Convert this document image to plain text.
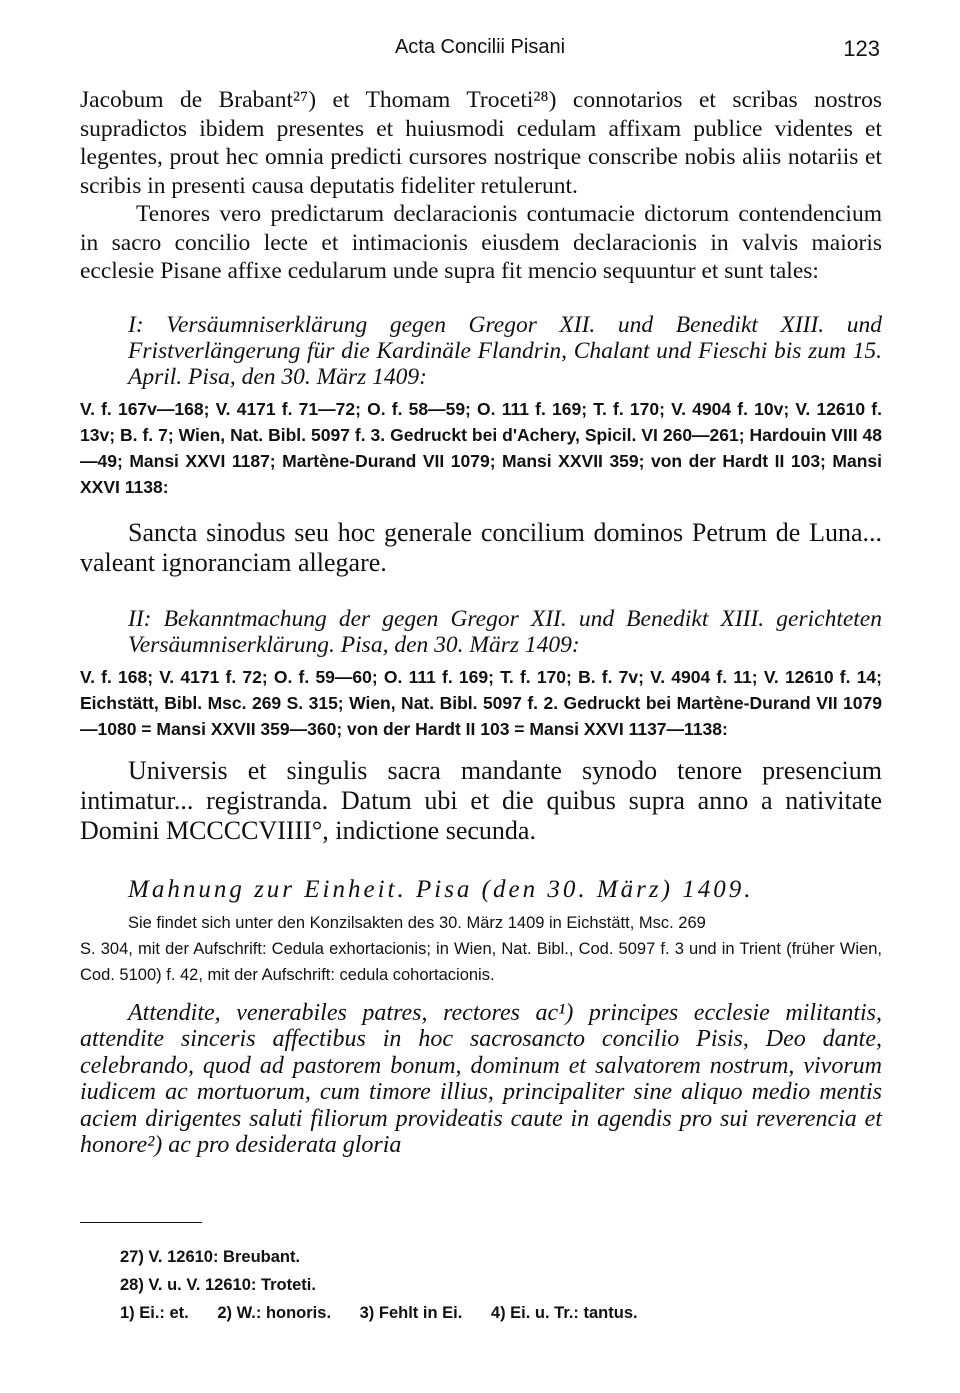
Acta Concilii Pisani	123

Jacobum de Brabant²⁷) et Thomam Troceti²⁸) connotarios et scribas nostros supradictos ibidem presentes et huiusmodi cedulam affixam publice videntes et legentes, prout hec omnia predicti cursores nostrique conscribe nobis aliis notariis et scribis in presenti causa deputatis fideliter retulerunt.

Tenores vero predictarum declaracionis contumacie dictorum contendencium in sacro concilio lecte et intimacionis eiusdem declaracionis in valvis maioris ecclesie Pisane affixe cedularum unde supra fit mencio sequuntur et sunt tales:

I: Versäumniserklärung gegen Gregor XII. und Benedikt XIII. und Fristverlängerung für die Kardinäle Flandrin, Chalant und Fieschi bis zum 15. April. Pisa, den 30. März 1409:

V. f. 167v—168; V. 4171 f. 71—72; O. f. 58—59; O. 111 f. 169; T. f. 170; V. 4904 f. 10v; V. 12610 f. 13v; B. f. 7; Wien, Nat. Bibl. 5097 f. 3. Gedruckt bei d'Achery, Spicil. VI 260—261; Hardouin VIII 48—49; Mansi XXVI 1187; Martène-Durand VII 1079; Mansi XXVII 359; von der Hardt II 103; Mansi XXVI 1138:

Sancta sinodus seu hoc generale concilium dominos Petrum de Luna... valeant ignoranciam allegare.

II: Bekanntmachung der gegen Gregor XII. und Benedikt XIII. gerichteten Versäumniserklärung. Pisa, den 30. März 1409:

V. f. 168; V. 4171 f. 72; O. f. 59—60; O. 111 f. 169; T. f. 170; B. f. 7v; V. 4904 f. 11; V. 12610 f. 14; Eichstätt, Bibl. Msc. 269 S. 315; Wien, Nat. Bibl. 5097 f. 2. Gedruckt bei Martène-Durand VII 1079—1080 = Mansi XXVII 359—360; von der Hardt II 103 = Mansi XXVI 1137—1138:

Universis et singulis sacra mandante synodo tenore presencium intimatur... registranda. Datum ubi et die quibus supra anno a nativitate Domini MCCCCVIIII°, indictione secunda.

Mahnung zur Einheit. Pisa (den 30. März) 1409.

Sie findet sich unter den Konzilsakten des 30. März 1409 in Eichstätt, Msc. 269

S. 304, mit der Aufschrift: Cedula exhortacionis; in Wien, Nat. Bibl., Cod. 5097 f. 3 und in Trient (früher Wien, Cod. 5100) f. 42, mit der Aufschrift: cedula cohortacionis.

Attendite, venerabiles patres, rectores ac¹) principes ecclesie militantis, attendite sinceris affectibus in hoc sacrosancto concilio Pisis, Deo dante, celebrando, quod ad pastorem bonum, dominum et salvatorem nostrum, vivorum iudicem ac mortuorum, cum timore illius, principaliter sine aliquo medio mentis aciem dirigentes saluti filiorum provideatis caute in agendis pro sui reverencia et honore²) ac pro desiderata gloria

27) V. 12610: Breubant.
28) V. u. V. 12610: Troteti.
1) Ei.: et. 2) W.: honoris. 3) Fehlt in Ei. 4) Ei. u. Tr.: tantus.
